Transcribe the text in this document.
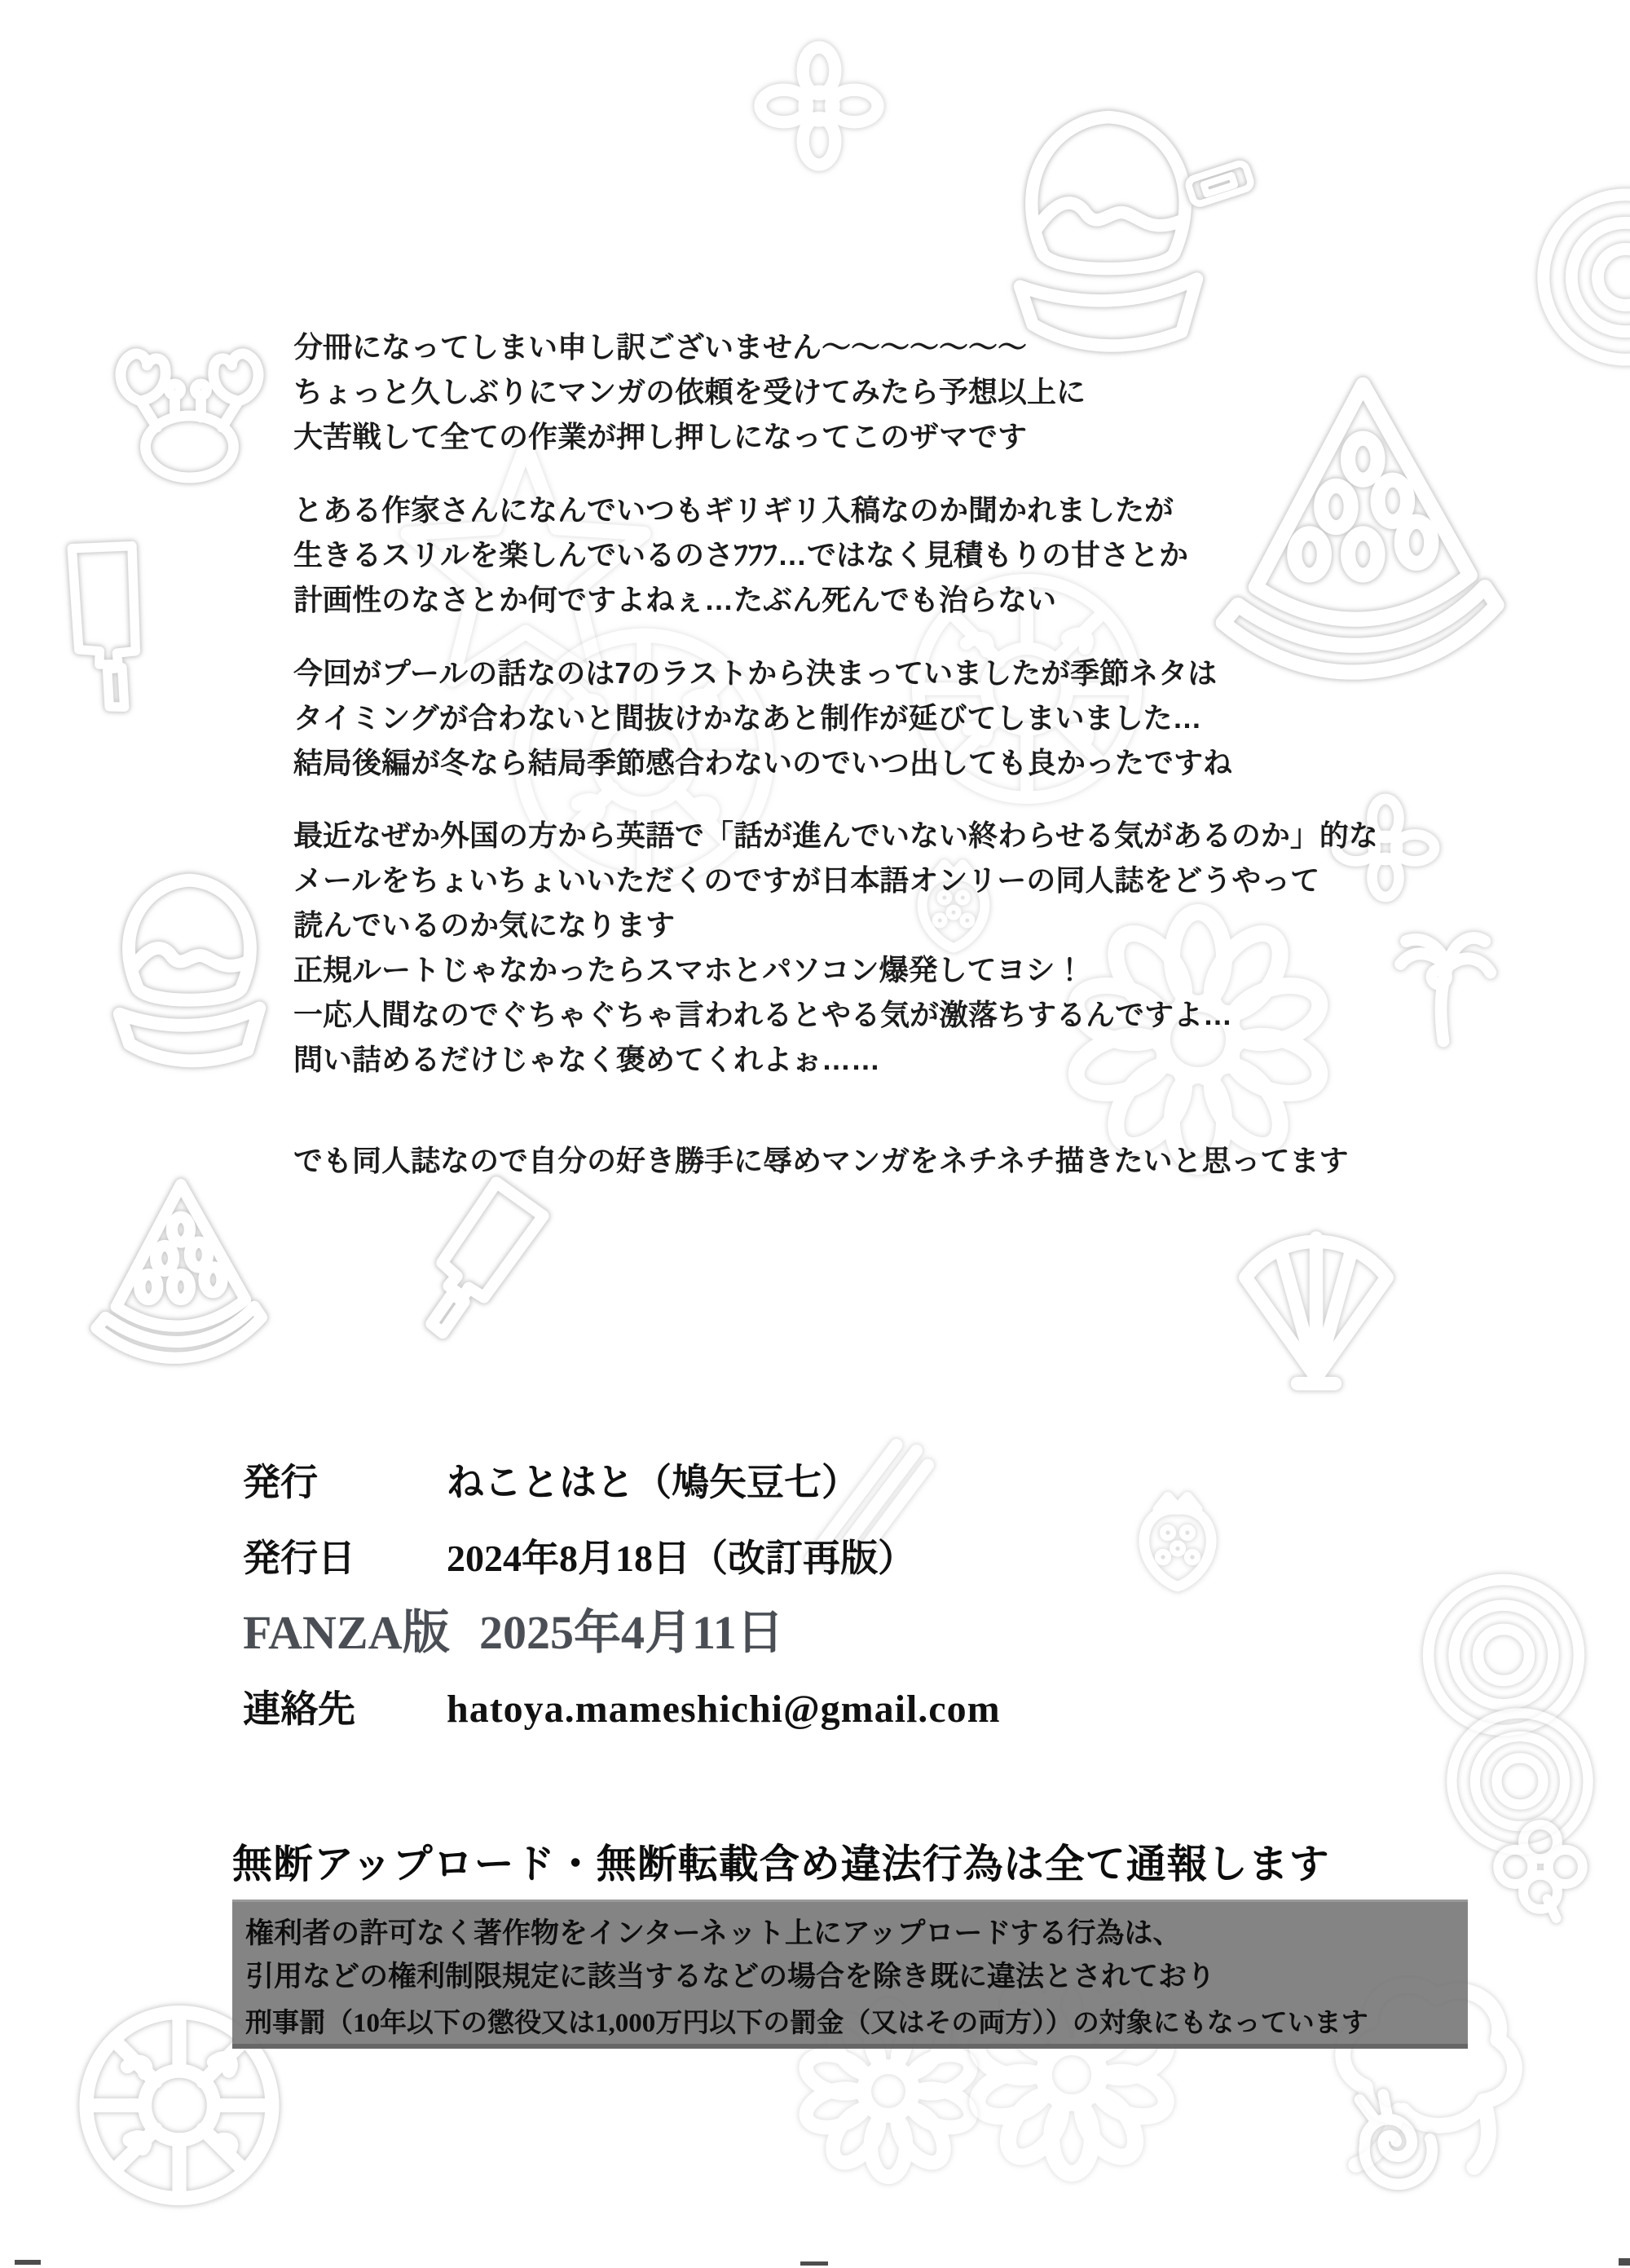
分冊になってしまい申し訳ございません〜〜〜〜〜〜〜

ちょっと久しぶりにマンガの依頼を受けてみたら予想以上に

大苦戦して全ての作業が押し押しになってこのザマです

とある作家さんになんでいつもギリギリ入稿なのか聞かれましたが

生きるスリルを楽しんでいるのさﾌﾌﾌ…ではなく見積もりの甘さとか

計画性のなさとか何ですよねぇ…たぶん死んでも治らない

今回がプールの話なのは7のラストから決まっていましたが季節ネタは

タイミングが合わないと間抜けかなあと制作が延びてしまいました…

結局後編が冬なら結局季節感合わないのでいつ出しても良かったですね

最近なぜか外国の方から英語で「話が進んでいない終わらせる気があるのか」的な

メールをちょいちょいいただくのですが日本語オンリーの同人誌をどうやって

読んでいるのか気になります

正規ルートじゃなかったらスマホとパソコン爆発してヨシ！

一応人間なのでぐちゃぐちゃ言われるとやる気が激落ちするんですよ…

問い詰めるだけじゃなく褒めてくれよぉ……

でも同人誌なので自分の好き勝手に辱めマンガをネチネチ描きたいと思ってます

発行	ねことはと（鳩矢豆七）
発行日 2024年8月18日（改訂再版）
FANZA版 2025年4月11日
連絡先 hatoya.mameshichi@gmail.com
無断アップロード・無断転載含め違法行為は全て通報します

権利者の許可なく著作物をインターネット上にアップロードする行為は、

引用などの権利制限規定に該当するなどの場合を除き既に違法とされており

刑事罰（10年以下の懲役又は1,000万円以下の罰金（又はその両方））の対象にもなっています
